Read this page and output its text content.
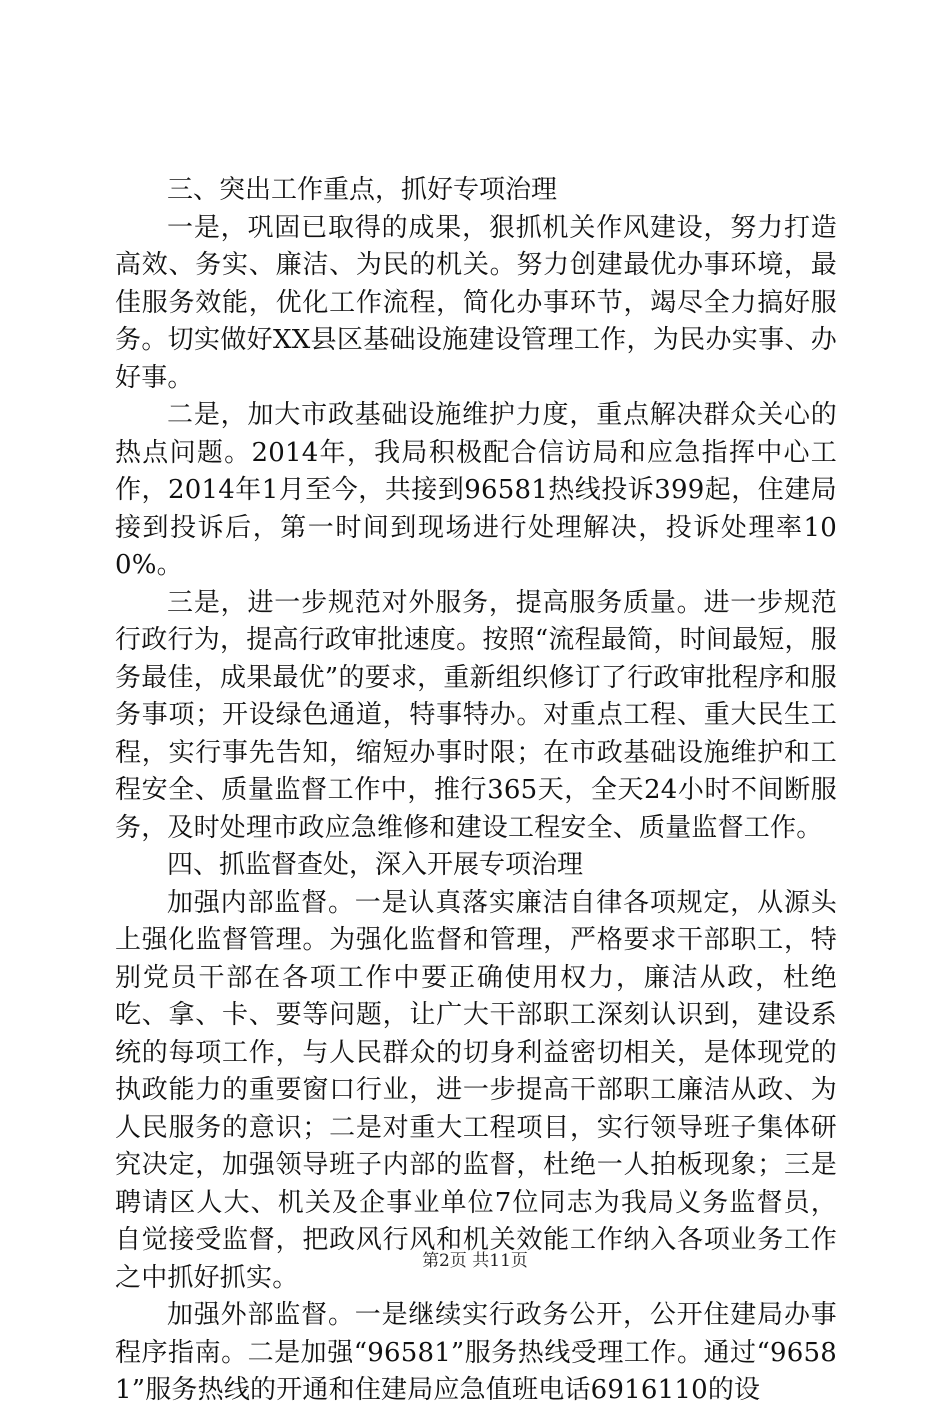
三、突出工作重点，抓好专项治理

一是，巩固已取得的成果，狠抓机关作风建设，努力打造高效、务实、廉洁、为民的机关。努力创建最优办事环境，最佳服务效能，优化工作流程，简化办事环节，竭尽全力搞好服务。切实做好XX县区基础设施建设管理工作，为民办实事、办好事。

二是，加大市政基础设施维护力度，重点解决群众关心的热点问题。2014年，我局积极配合信访局和应急指挥中心工作，2014年1月至今，共接到96581热线投诉399起，住建局接到投诉后，第一时间到现场进行处理解决，投诉处理率100%。

三是，进一步规范对外服务，提高服务质量。进一步规范行政行为，提高行政审批速度。按照“流程最简，时间最短，服务最佳，成果最优”的要求，重新组织修订了行政审批程序和服务事项；开设绿色通道，特事特办。对重点工程、重大民生工程，实行事先告知，缩短办事时限；在市政基础设施维护和工程安全、质量监督工作中，推行365天，全天24小时不间断服务，及时处理市政应急维修和建设工程安全、质量监督工作。

四、抓监督查处，深入开展专项治理

加强内部监督。一是认真落实廉洁自律各项规定，从源头上强化监督管理。为强化监督和管理，严格要求干部职工，特别党员干部在各项工作中要正确使用权力，廉洁从政，杜绝吃、拿、卡、要等问题，让广大干部职工深刻认识到，建设系统的每项工作，与人民群众的切身利益密切相关，是体现党的执政能力的重要窗口行业，进一步提高干部职工廉洁从政、为人民服务的意识；二是对重大工程项目，实行领导班子集体研究决定，加强领导班子内部的监督，杜绝一人拍板现象；三是聘请区人大、机关及企事业单位7位同志为我局义务监督员，自觉接受监督，把政风行风和机关效能工作纳入各项业务工作之中抓好抓实。

加强外部监督。一是继续实行政务公开，公开住建局办事程序指南。二是加强“96581”服务热线受理工作。通过“96581”服务热线的开通和住建局应急值班电话6916110的设

第2页 共11页
